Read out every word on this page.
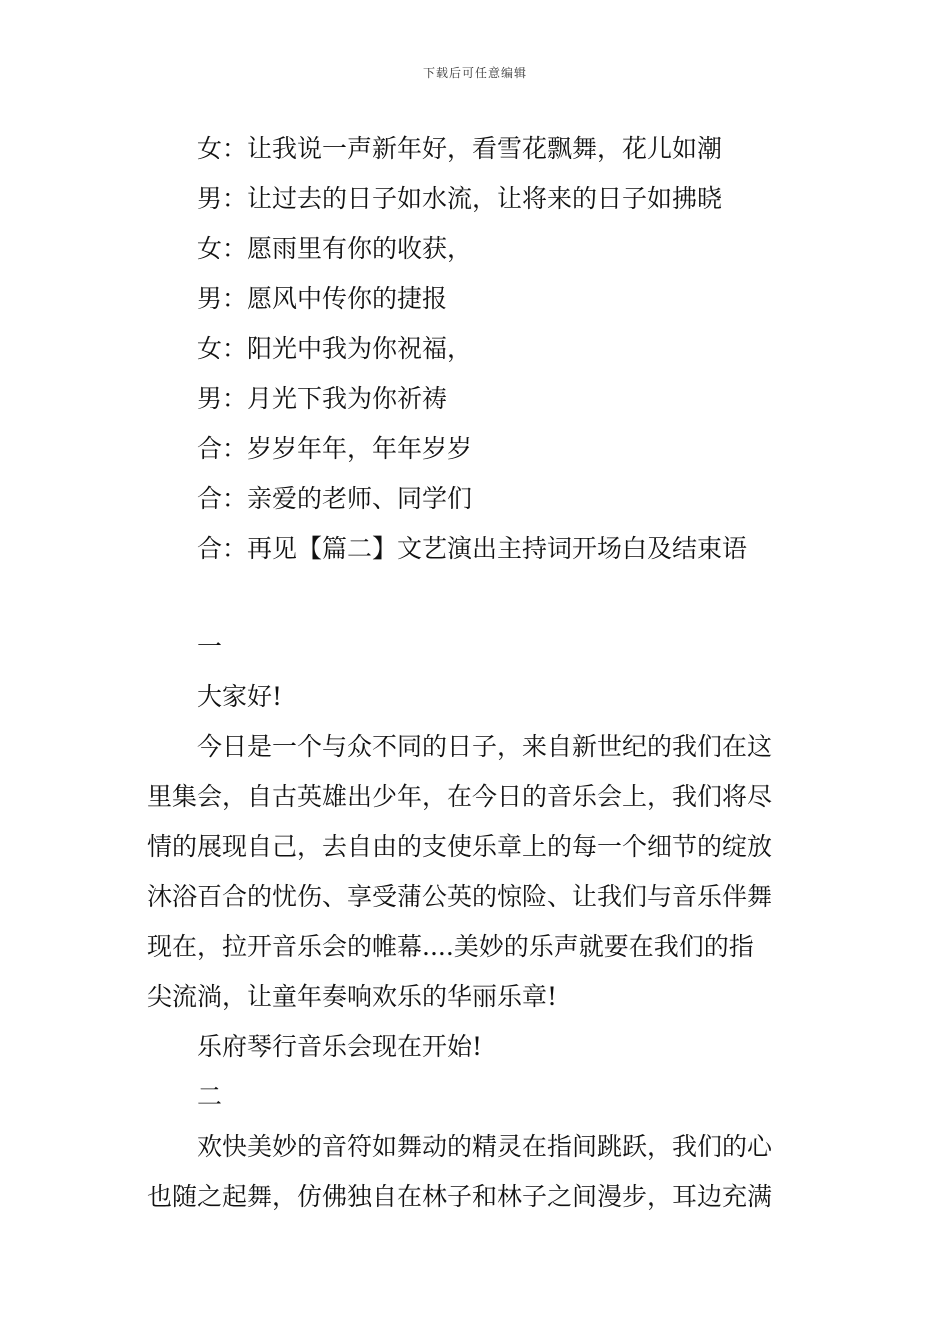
下载后可任意编辑
女：让我说一声新年好，看雪花飘舞，花儿如潮
男：让过去的日子如水流，让将来的日子如拂晓
女：愿雨里有你的收获，
男：愿风中传你的捷报
女：阳光中我为你祝福，
男：月光下我为你祈祷
合：岁岁年年，年年岁岁
合：亲爱的老师、同学们
合：再见【篇二】文艺演出主持词开场白及结束语
一
大家好!
今日是一个与众不同的日子，来自新世纪的我们在这
里集会，自古英雄出少年，在今日的音乐会上，我们将尽
情的展现自己，去自由的支使乐章上的每一个细节的绽放
沐浴百合的忧伤、享受蒲公英的惊险、让我们与音乐伴舞
现在，拉开音乐会的帷幕....美妙的乐声就要在我们的指
尖流淌，让童年奏响欢乐的华丽乐章!
乐府琴行音乐会现在开始!
二
欢快美妙的音符如舞动的精灵在指间跳跃，我们的心
也随之起舞，仿佛独自在林子和林子之间漫步，耳边充满
